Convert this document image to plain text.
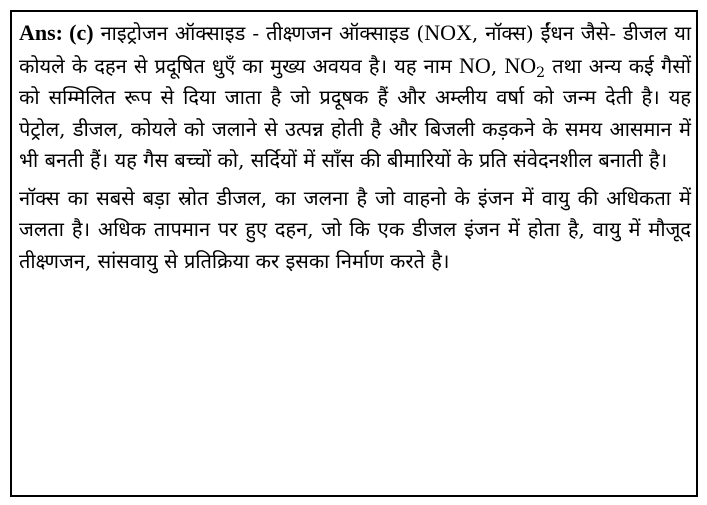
Ans: (c) नाइट्रोजन ऑक्साइड - तीक्ष्णजन ऑक्साइड (NOX, नॉक्स) ईंधन जैसे- डीजल या कोयले के दहन से प्रदूषित धुएँ का मुख्य अवयव है। यह नाम NO, $NO_2$ तथा अन्य कई गैसों को सम्मिलित रूप से दिया जाता है जो प्रदूषक हैं और अम्लीय वर्षा को जन्म देती है। यह पेट्रोल, डीजल, कोयले को जलाने से उत्पन्न होती है और बिजली कड़कने के समय आसमान में भी बनती हैं। यह गैस बच्चों को, सर्दियों में साँस की बीमारियों के प्रति संवेदनशील बनाती है।

नॉक्स का सबसे बड़ा स्रोत डीजल, का जलना है जो वाहनो के इंजन में वायु की अधिकता में जलता है। अधिक तापमान पर हुए दहन, जो कि एक डीजल इंजन में होता है, वायु में मौजूद तीक्ष्णजन, सांसवायु से प्रतिक्रिया कर इसका निर्माण करते है।
